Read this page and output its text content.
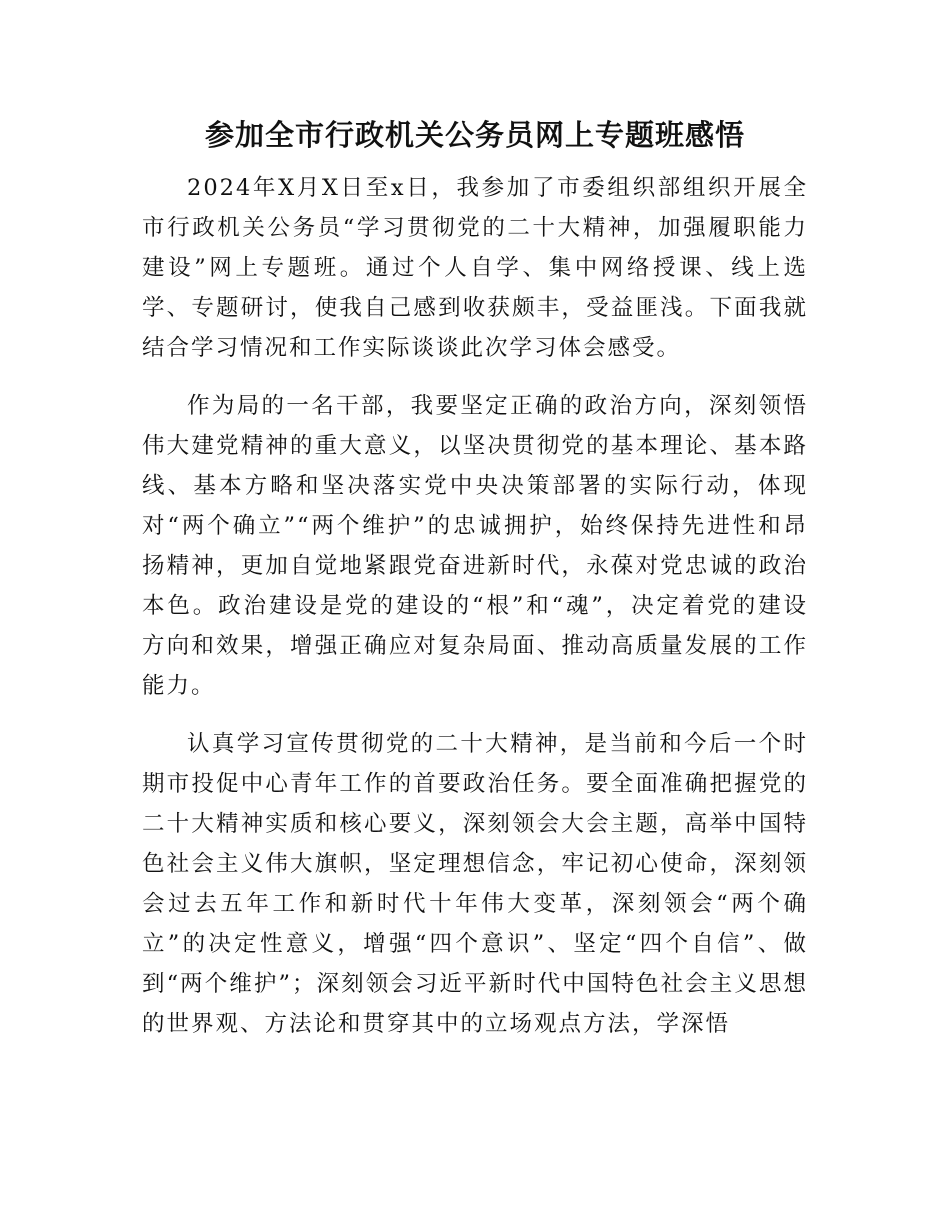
参加全市行政机关公务员网上专题班感悟

2024年X月X日至x日，我参加了市委组织部组织开展全市行政机关公务员“学习贯彻党的二十大精神，加强履职能力建设”网上专题班。通过个人自学、集中网络授课、线上选学、专题研讨，使我自己感到收获颇丰，受益匪浅。下面我就结合学习情况和工作实际谈谈此次学习体会感受。

作为局的一名干部，我要坚定正确的政治方向，深刻领悟伟大建党精神的重大意义，以坚决贯彻党的基本理论、基本路线、基本方略和坚决落实党中央决策部署的实际行动，体现对“两个确立”“两个维护”的忠诚拥护，始终保持先进性和昂扬精神，更加自觉地紧跟党奋进新时代，永葆对党忠诚的政治本色。政治建设是党的建设的“根”和“魂”，决定着党的建设方向和效果，增强正确应对复杂局面、推动高质量发展的工作能力。

认真学习宣传贯彻党的二十大精神，是当前和今后一个时期市投促中心青年工作的首要政治任务。要全面准确把握党的二十大精神实质和核心要义，深刻领会大会主题，高举中国特色社会主义伟大旗帜，坚定理想信念，牢记初心使命，深刻领会过去五年工作和新时代十年伟大变革，深刻领会“两个确立”的决定性意义，增强“四个意识”、坚定“四个自信”、做到“两个维护”；深刻领会习近平新时代中国特色社会主义思想的世界观、方法论和贯穿其中的立场观点方法，学深悟
